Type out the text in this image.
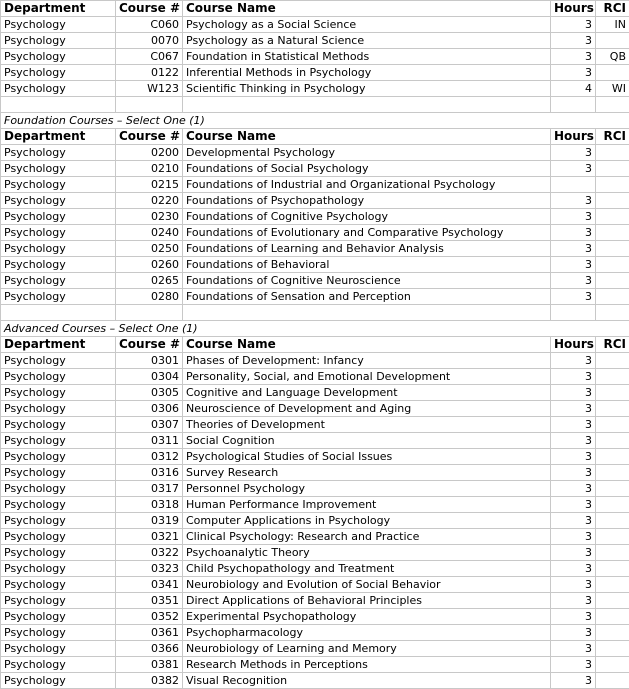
Department	Course #	Course Name	Hours	RCI
Psychology	C060	Psychology as a Social Science	3	IN
Psychology	0070	Psychology as a Natural Science	3	
Psychology	C067	Foundation in Statistical Methods	3	QB
Psychology	0122	Inferential Methods in Psychology	3	
Psychology	W123	Scientific Thinking in Psychology	4	WI

Foundation Courses – Select One (1)				
Department	Course #	Course Name	Hours	RCI
Psychology	0200	Developmental Psychology	3	
Psychology	0210	Foundations of Social Psychology	3	
Psychology	0215	Foundations of Industrial and Organizational Psychology		
Psychology	0220	Foundations of Psychopathology	3	
Psychology	0230	Foundations of Cognitive Psychology	3	
Psychology	0240	Foundations of Evolutionary and Comparative Psychology	3	
Psychology	0250	Foundations of Learning and Behavior Analysis	3	
Psychology	0260	Foundations of Behavioral	3	
Psychology	0265	Foundations of Cognitive Neuroscience	3	
Psychology	0280	Foundations of Sensation and Perception	3	

Advanced Courses – Select One (1)				
Department	Course #	Course Name	Hours	RCI
Psychology	0301	Phases of Development: Infancy	3	
Psychology	0304	Personality, Social, and Emotional Development	3	
Psychology	0305	Cognitive and Language Development	3	
Psychology	0306	Neuroscience of Development and Aging	3	
Psychology	0307	Theories of Development	3	
Psychology	0311	Social Cognition	3	
Psychology	0312	Psychological Studies of Social Issues	3	
Psychology	0316	Survey Research	3	
Psychology	0317	Personnel Psychology	3	
Psychology	0318	Human Performance Improvement	3	
Psychology	0319	Computer Applications in Psychology	3	
Psychology	0321	Clinical Psychology: Research and Practice	3	
Psychology	0322	Psychoanalytic Theory	3	
Psychology	0323	Child Psychopathology and Treatment	3	
Psychology	0341	Neurobiology and Evolution of Social Behavior	3	
Psychology	0351	Direct Applications of Behavioral Principles	3	
Psychology	0352	Experimental Psychopathology	3	
Psychology	0361	Psychopharmacology	3	
Psychology	0366	Neurobiology of Learning and Memory	3	
Psychology	0381	Research Methods in Perceptions	3	
Psychology	0382	Visual Recognition	3	
